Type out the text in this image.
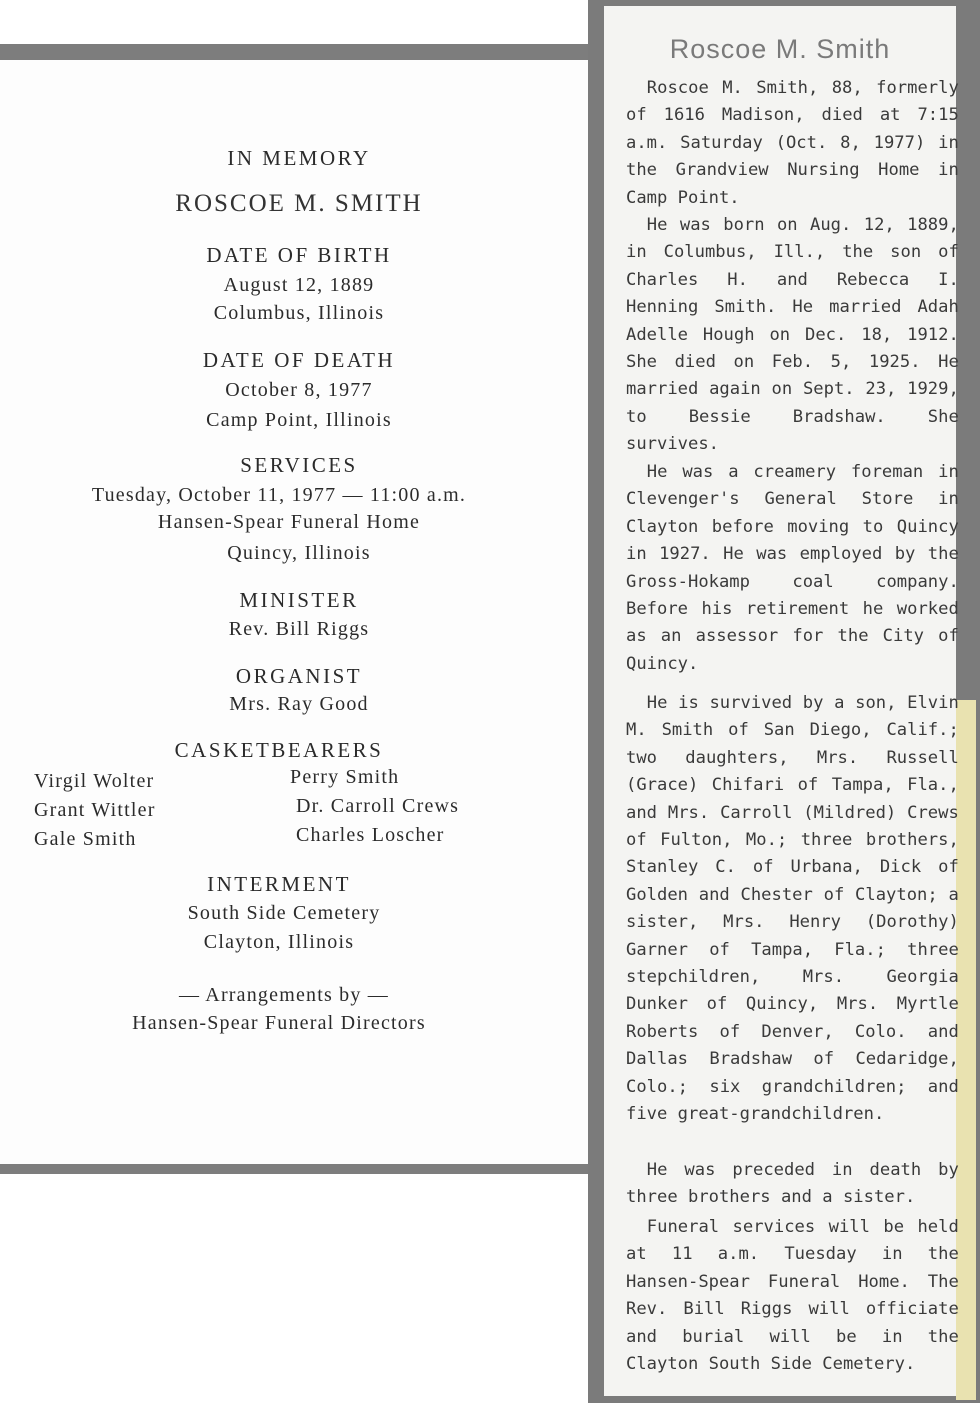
IN MEMORY
ROSCOE M. SMITH
DATE OF BIRTH
August 12, 1889
Columbus, Illinois
DATE OF DEATH
October 8, 1977
Camp Point, Illinois
SERVICES
Tuesday, October 11, 1977 — 11:00 a.m.
Hansen-Spear Funeral Home
Quincy, Illinois
MINISTER
Rev. Bill Riggs
ORGANIST
Mrs. Ray Good
CASKETBEARERS
Virgil Wolter
Grant Wittler
Gale Smith
Perry Smith
Dr. Carroll Crews
Charles Loscher
INTERMENT
South Side Cemetery
Clayton, Illinois
— Arrangements by —
Hansen-Spear Funeral Directors
Roscoe M. Smith

Roscoe M. Smith, 88, formerly of 1616 Madison, died at 7:15 a.m. Saturday (Oct. 8, 1977) in the Grandview Nursing Home in Camp Point.

He was born on Aug. 12, 1889, in Columbus, Ill., the son of Charles H. and Rebecca I. Henning Smith. He married Adah Adelle Hough on Dec. 18, 1912. She died on Feb. 5, 1925. He married again on Sept. 23, 1929, to Bessie Bradshaw. She survives.

He was a creamery foreman in Clevenger's General Store in Clayton before moving to Quincy in 1927. He was employed by the Gross-Hokamp coal company. Before his retirement he worked as an assessor for the City of Quincy.

He is survived by a son, Elvin M. Smith of San Diego, Calif.; two daughters, Mrs. Russell (Grace) Chifari of Tampa, Fla., and Mrs. Carroll (Mildred) Crews of Fulton, Mo.; three brothers, Stanley C. of Urbana, Dick of Golden and Chester of Clayton; a sister, Mrs. Henry (Dorothy) Garner of Tampa, Fla.; three stepchildren, Mrs. Georgia Dunker of Quincy, Mrs. Myrtle Roberts of Denver, Colo. and Dallas Bradshaw of Cedaridge, Colo.; six grandchildren; and five great-grandchildren.

He was preceded in death by three brothers and a sister.

Funeral services will be held at 11 a.m. Tuesday in the Hansen-Spear Funeral Home. The Rev. Bill Riggs will officiate and burial will be in the Clayton South Side Cemetery.
